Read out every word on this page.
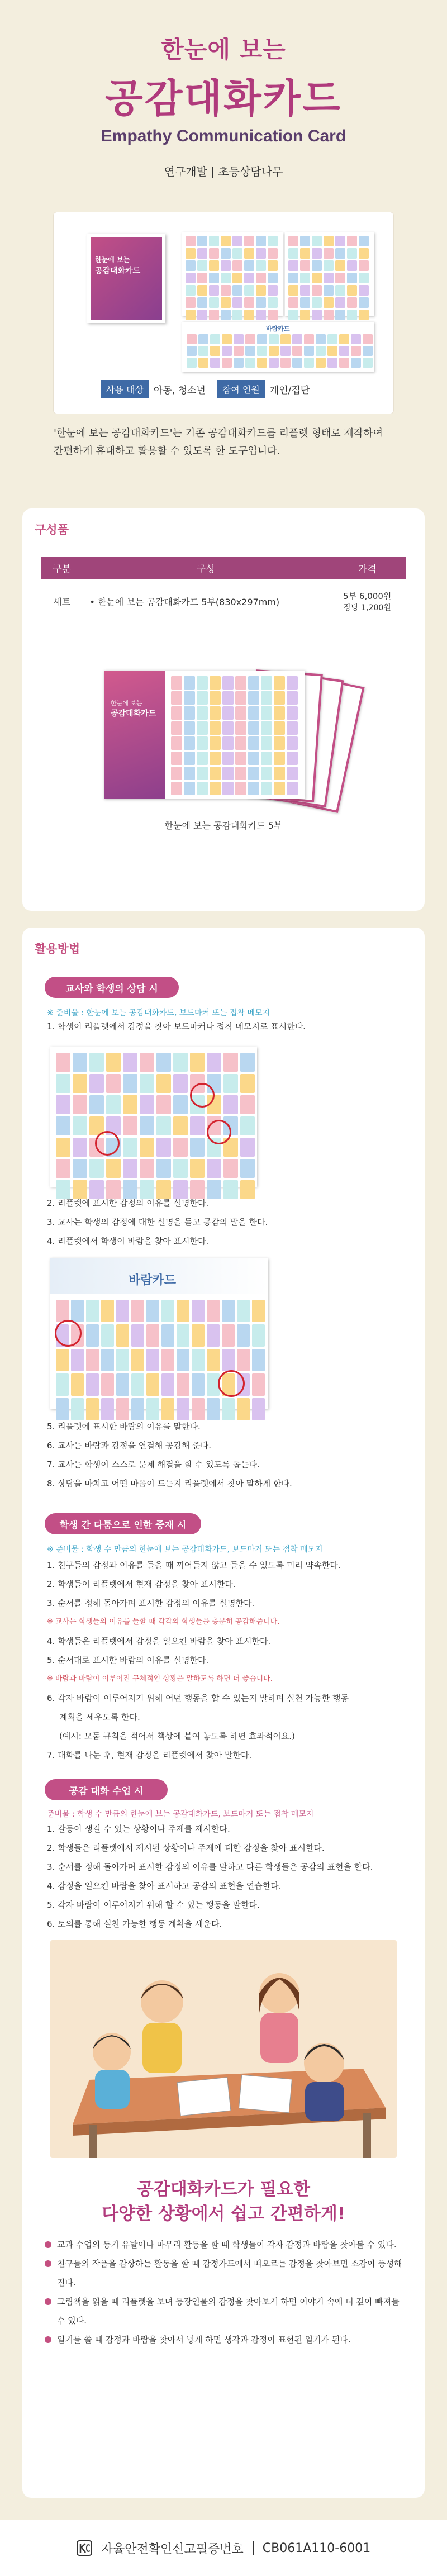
한눈에 보는
공감대화카드
Empathy Communication Card
연구개발 | 초등상담나무
한눈에 보는
공감대화카드
바람카드
사용 대상	아동, 청소년	참여 인원	개인/집단
'한눈에 보는 공감대화카드'는 기존 공감대화카드를 리플렛 형태로 제작하여 간편하게 휴대하고 활용할 수 있도록 한 도구입니다.
구성품
구분	구성	가격
세트	• 한눈에 보는 공감대화카드 5부(830x297mm)	5부 6,000원
장당 1,200원
한눈에 보는
공감대화카드
한눈에 보는 공감대화카드 5부
활용방법
교사와 학생의 상담 시
※ 준비물 : 한눈에 보는 공감대화카드, 보드마커 또는 접착 메모지
1. 학생이 리플렛에서 감정을 찾아 보드마커나 접착 메모지로 표시한다.
2. 리플렛에 표시한 감정의 이유를 설명한다.
3. 교사는 학생의 감정에 대한 설명을 듣고 공감의 말을 한다.
4. 리플렛에서 학생이 바람을 찾아 표시한다.
바람카드
5. 리플렛에 표시한 바람의 이유를 말한다.
6. 교사는 바람과 감정을 연결해 공감해 준다.
7. 교사는 학생이 스스로 문제 해결을 할 수 있도록 돕는다.
8. 상담을 마치고 어떤 마음이 드는지 리플렛에서 찾아 말하게 한다.
학생 간 다툼으로 인한 중재 시
※ 준비물 : 학생 수 만큼의 한눈에 보는 공감대화카드, 보드마커 또는 접착 메모지
1. 친구들의 감정과 이유를 들을 때 끼어들지 않고 들을 수 있도록 미리 약속한다.
2. 학생들이 리플렛에서 현재 감정을 찾아 표시한다.
3. 순서를 정해 돌아가며 표시한 감정의 이유를 설명한다.
※ 교사는 학생들의 이유를 들할 때 각각의 학생들을 충분히 공감해줍니다.
4. 학생들은 리플렛에서 감정을 일으킨 바람을 찾아 표시한다.
5. 순서대로 표시한 바람의 이유를 설명한다.
※ 바람과 바람이 이루어진 구체적인 상황을 말하도록 하면 더 좋습니다.
6. 각자 바람이 이루어지기 위해 어떤 행동을 할 수 있는지 말하며 실천 가능한 행동
계획을 세우도록 한다.
(예시: 모둠 규칙을 적어서 책상에 붙여 놓도록 하면 효과적이요.)
7. 대화를 나눈 후, 현재 감정을 리플렛에서 찾아 말한다.
공감 대화 수업 시
준비물 : 학생 수 만큼의 한눈에 보는 공감대화카드, 보드마커 또는 접착 메모지
1. 갈등이 생길 수 있는 상황이나 주제를 제시한다.
2. 학생들은 리플렛에서 제시된 상황이나 주제에 대한 감정을 찾아 표시한다.
3. 순서를 정해 돌아가며 표시한 감정의 이유를 말하고 다른 학생들은 공감의 표현을 한다.
4. 감정을 일으킨 바람을 찾아 표시하고 공감의 표현을 연습한다.
5. 각자 바람이 이루어지기 위해 할 수 있는 행동을 말한다.
6. 토의를 통해 실천 가능한 행동 계획을 세운다.
공감대화카드가 필요한
다양한 상황에서 쉽고 간편하게!
교과 수업의 동기 유발이나 마무리 활동을 할 때 학생들이 각자 감정과 바람을 찾아볼 수 있다.
친구들의 작품을 감상하는 활동을 할 때 감정카드에서 떠오르는 감정을 찾아보면 소감이 풍성해진다.
그림책을 읽을 때 리플렛을 보며 등장인물의 감정을 찾아보게 하면 이야기 속에 더 깊이 빠져들 수 있다.
일기를 쓸 때 감정과 바람을 찾아서 넣게 하면 생각과 감정이 표현된 일기가 된다.
자율안전확인신고필증번호 CB061A110-6001
